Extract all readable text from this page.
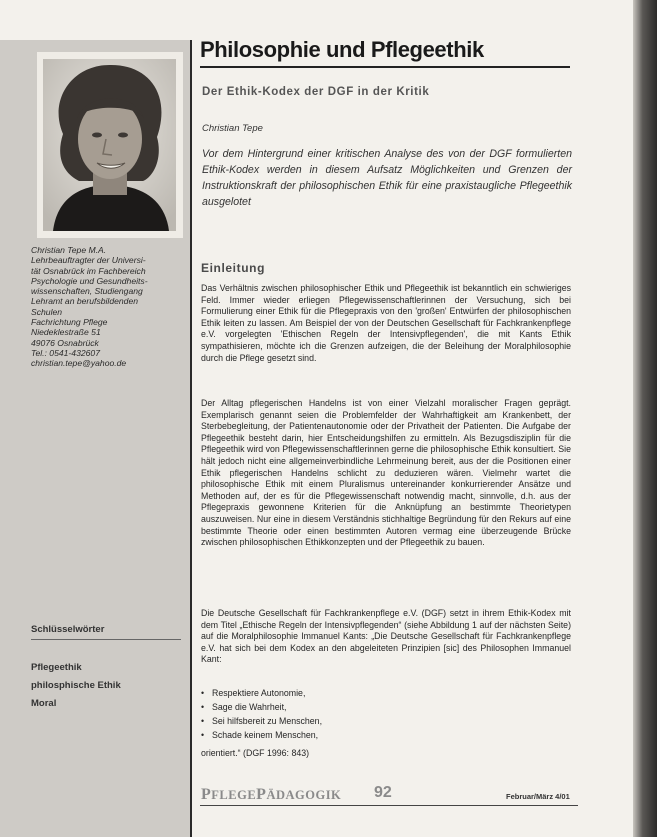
Christian Tepe M.A.
Lehrbeauftragter der Universi-
tät Osnabrück im Fachbereich
Psychologie und Gesundheits-
wissenschaften, Studiengang
Lehramt an berufsbildenden
Schulen
Fachrichtung Pflege
Niedeklestraße 51
49076 Osnabrück
Tel.: 0541-432607
christian.tepe@yahoo.de
Schlüsselwörter
Pflegeethik
philosphische Ethik
Moral
Philosophie und Pflegeethik
Der Ethik-Kodex der DGF in der Kritik
Christian Tepe
Vor dem Hintergrund einer kritischen Analyse des von der DGF formulierten Ethik-Kodex werden in diesem Aufsatz Möglichkeiten und Grenzen der Instruktionskraft der philosophischen Ethik für eine praxistaugliche Pflegeethik ausgelotet
Einleitung
Das Verhältnis zwischen philosophischer Ethik und Pflegeethik ist bekanntlich ein schwieriges Feld. Immer wieder erliegen Pflegewissenschaftlerinnen der Versuchung, sich bei Formulierung einer Ethik für die Pflegepraxis von den 'großen' Entwürfen der philosophischen Ethik leiten zu lassen. Am Beispiel der von der Deutschen Gesellschaft für Fachkrankenpflege e.V. vorgelegten 'Ethischen Regeln der Intensivpflegenden', die mit Kants Ethik sympathisieren, möchte ich die Grenzen aufzeigen, die der Beleihung der Moralphilosophie durch die Pflege gesetzt sind.
Der Alltag pflegerischen Handelns ist von einer Vielzahl moralischer Fragen geprägt. Exemplarisch genannt seien die Problemfelder der Wahrhaftigkeit am Krankenbett, der Sterbebegleitung, der Patientenautonomie oder der Privatheit der Patienten. Die Aufgabe der Pflegeethik besteht darin, hier Entscheidungshilfen zu ermitteln. Als Bezugsdisziplin für die Pflegeethik wird von Pflegewissenschaftlerinnen gerne die philosophische Ethik konsultiert. Sie hält jedoch nicht eine allgemeinverbindliche Lehrmeinung bereit, aus der die Positionen einer Ethik pflegerischen Handelns schlicht zu deduzieren wären. Vielmehr wartet die philosophische Ethik mit einem Pluralismus untereinander konkurrierender Ansätze und Methoden auf, der es für die Pflegewissenschaft notwendig macht, sinnvolle, d.h. aus der Pflegepraxis gewonnene Kriterien für die Anknüpfung an bestimmte Theorietypen auszuweisen. Nur eine in diesem Verständnis stichhaltige Begründung für den Rekurs auf eine bestimmte Theorie oder einen bestimmten Autoren vermag eine überzeugende Brücke zwischen philosophischen Ethikkonzepten und der Pflegeethik zu bauen.
Die Deutsche Gesellschaft für Fachkrankenpflege e.V. (DGF) setzt in ihrem Ethik-Kodex mit dem Titel „Ethische Regeln der Intensivpflegenden“ (siehe Abbildung 1 auf der nächsten Seite) auf die Moralphilosophie Immanuel Kants: „Die Deutsche Gesellschaft für Fachkrankenpflege e.V. hat sich bei dem Kodex an den abgeleiteten Prinzipien [sic] des Philosophen Immanuel Kant:
• Respektiere Autonomie,
• Sage die Wahrheit,
• Sei hilfsbereit zu Menschen,
• Schade keinem Menschen,
orientiert.“ (DGF 1996: 843)
PFLEGEPÄDAGOGIK 92	Februar/März 4/01
